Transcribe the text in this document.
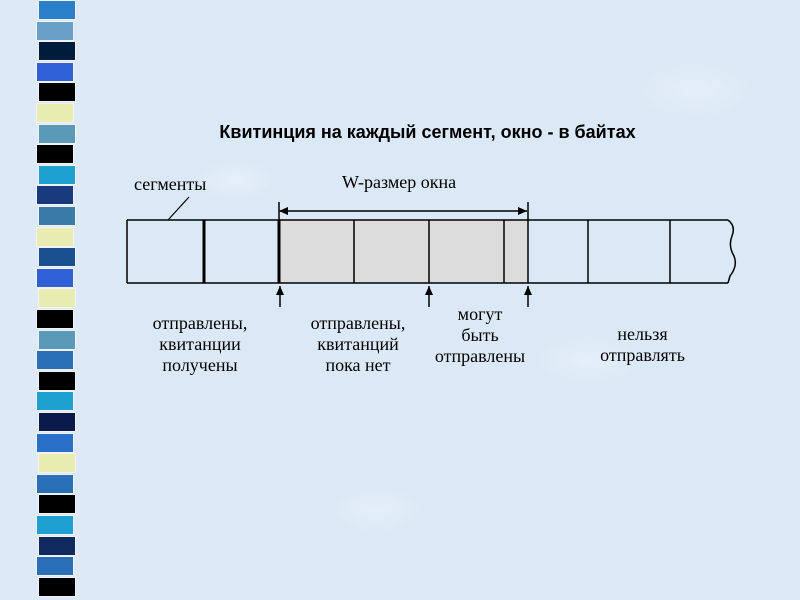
Квитинция на каждый сегмент, окно - в байтах
сегменты	W-размер окна
отправлены,
квитанции
получены
отправлены,
квитанций
пока нет
могут
быть
отправлены
нельзя
отправлять
